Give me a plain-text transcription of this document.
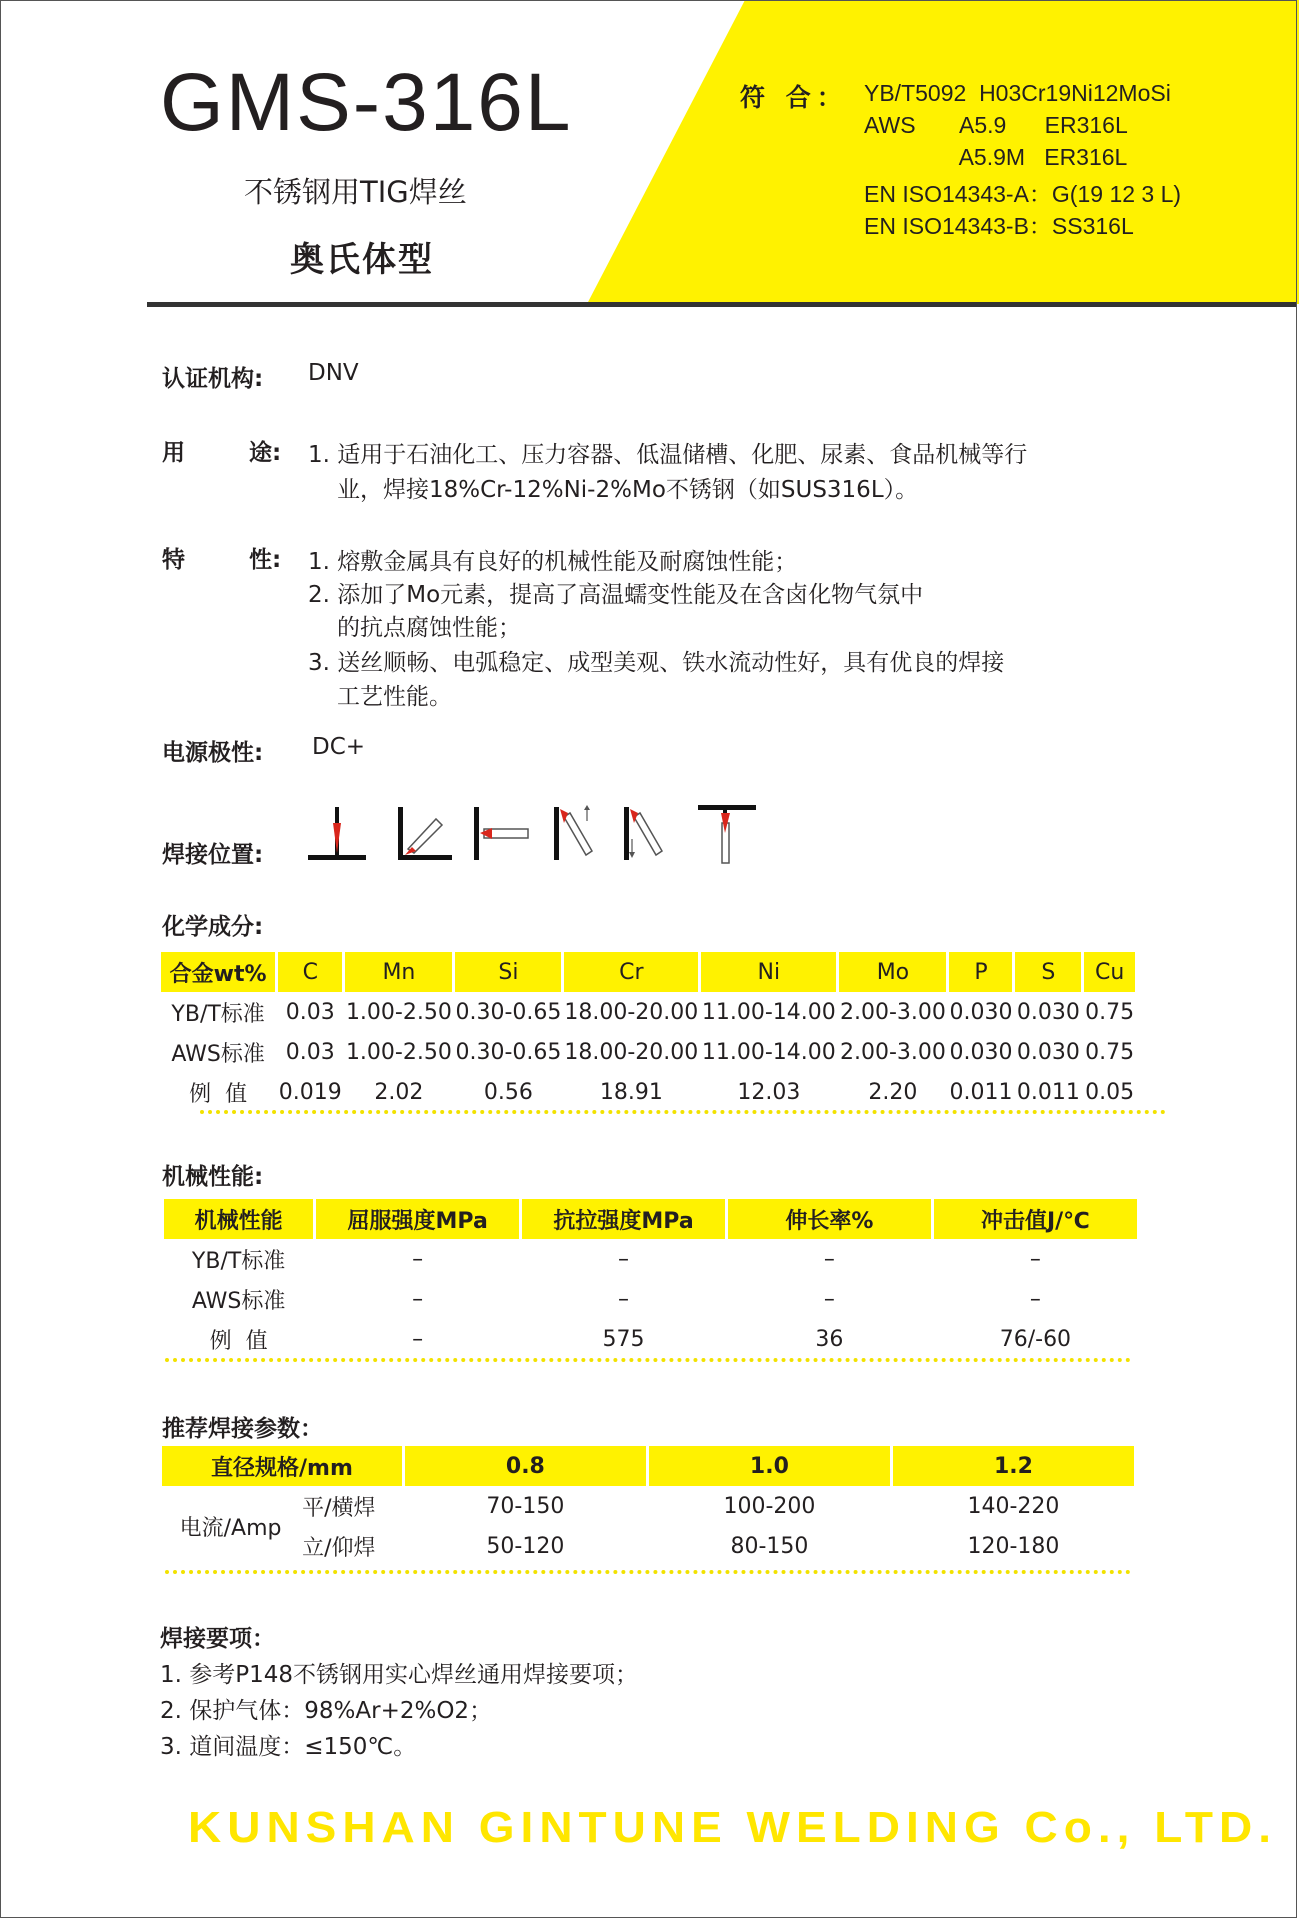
GMS-316L
不锈钢用TIG焊丝
奥氏体型
符 合： YB/T5092  H03Cr19Ni12MoSi
AWS       A5.9      ER316L
A5.9M   ER316L
EN ISO14343-A：G(19 12 3 L)
EN ISO14343-B：SS316L
认证机构: DNV
用        途: 1. 适用于石油化工、压力容器、低温储槽、化肥、尿素、食品机械等行
业，焊接18%Cr-12%Ni-2%Mo不锈钢（如SUS316L）。
特        性: 1. 熔敷金属具有良好的机械性能及耐腐蚀性能；
2. 添加了Mo元素，提高了高温蠕变性能及在含卤化物气氛中
的抗点腐蚀性能；
3. 送丝顺畅、电弧稳定、成型美观、铁水流动性好，具有优良的焊接
工艺性能。
电源极性: DC+
焊接位置:
化学成分:
合金wt%	C	Mn	Si	Cr	Ni	Mo	P	S	Cu
YB/T标准	0.03	1.00-2.50	0.30-0.65	18.00-20.00	11.00-14.00	2.00-3.00	0.030	0.030	0.75
AWS标准	0.03	1.00-2.50	0.30-0.65	18.00-20.00	11.00-14.00	2.00-3.00	0.030	0.030	0.75
例  值	0.019	2.02	0.56	18.91	12.03	2.20	0.011	0.011	0.05
机械性能:
机械性能	屈服强度MPa	抗拉强度MPa	伸长率%	冲击值J/℃
YB/T标准	–	–	–	–
AWS标准	–	–	–	–
例  值	–	575	36	76/-60
推荐焊接参数：
直径规格/mm		0.8	1.0	1.2
电流/Amp	平/横焊	70-150	100-200	140-220
	立/仰焊	50-120	80-150	120-180
焊接要项：
1. 参考P148不锈钢用实心焊丝通用焊接要项；
2. 保护气体：98%Ar+2%O2；
3. 道间温度：≤150℃。
KUNSHAN GINTUNE WELDING Co., LTD.
